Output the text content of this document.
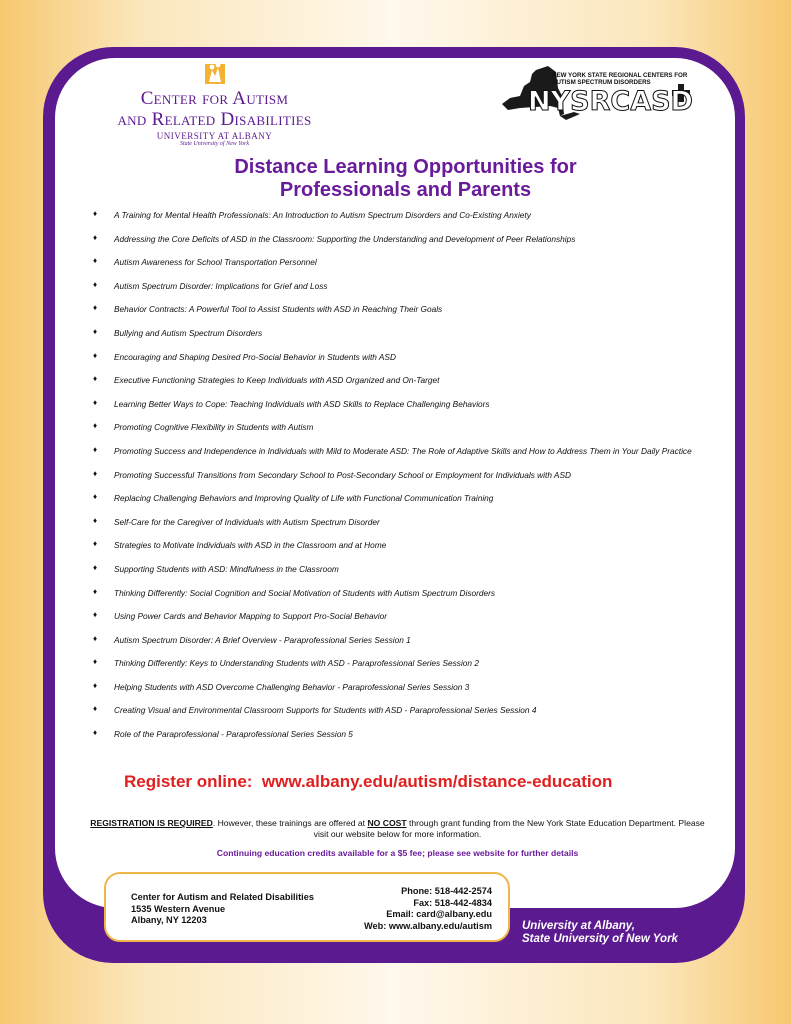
Center for Autism
and Related Disabilities
UNIVERSITY AT ALBANY
State University of New York
NEW YORK STATE REGIONAL CENTERS FOR AUTISM SPECTRUM DISORDERS
NYSRCASD
Distance Learning Opportunities for
Professionals and Parents
♦ A Training for Mental Health Professionals: An Introduction to Autism Spectrum Disorders and Co-Existing Anxiety
♦ Addressing the Core Deficits of ASD in the Classroom: Supporting the Understanding and Development of Peer Relationships
♦ Autism Awareness for School Transportation Personnel
♦ Autism Spectrum Disorder: Implications for Grief and Loss
♦ Behavior Contracts: A Powerful Tool to Assist Students with ASD in Reaching Their Goals
♦ Bullying and Autism Spectrum Disorders
♦ Encouraging and Shaping Desired Pro-Social Behavior in Students with ASD
♦ Executive Functioning Strategies to Keep Individuals with ASD Organized and On-Target
♦ Learning Better Ways to Cope: Teaching Individuals with ASD Skills to Replace Challenging Behaviors
♦ Promoting Cognitive Flexibility in Students with Autism
♦ Promoting Success and Independence in Individuals with Mild to Moderate ASD: The Role of Adaptive Skills and How to Address Them in Your Daily Practice
♦ Promoting Successful Transitions from Secondary School to Post-Secondary School or Employment for Individuals with ASD
♦ Replacing Challenging Behaviors and Improving Quality of Life with Functional Communication Training
♦ Self-Care for the Caregiver of Individuals with Autism Spectrum Disorder
♦ Strategies to Motivate Individuals with ASD in the Classroom and at Home
♦ Supporting Students with ASD: Mindfulness in the Classroom
♦ Thinking Differently: Social Cognition and Social Motivation of Students with Autism Spectrum Disorders
♦ Using Power Cards and Behavior Mapping to Support Pro-Social Behavior
♦ Autism Spectrum Disorder: A Brief Overview - Paraprofessional Series Session 1
♦ Thinking Differently: Keys to Understanding Students with ASD - Paraprofessional Series Session 2
♦ Helping Students with ASD Overcome Challenging Behavior - Paraprofessional Series Session 3
♦ Creating Visual and Environmental Classroom Supports for Students with ASD - Paraprofessional Series Session 4
♦ Role of the Paraprofessional - Paraprofessional Series Session 5
Register online: www.albany.edu/autism/distance-education
REGISTRATION IS REQUIRED. However, these trainings are offered at NO COST through grant funding from the New York State Education Department. Please visit our website below for more information.
Continuing education credits available for a $5 fee; please see website for further details
Center for Autism and Related Disabilities
1535 Western Avenue
Albany, NY 12203
Phone: 518-442-2574
Fax: 518-442-4834
Email: card@albany.edu
Web: www.albany.edu/autism	University at Albany,
State University of New York
